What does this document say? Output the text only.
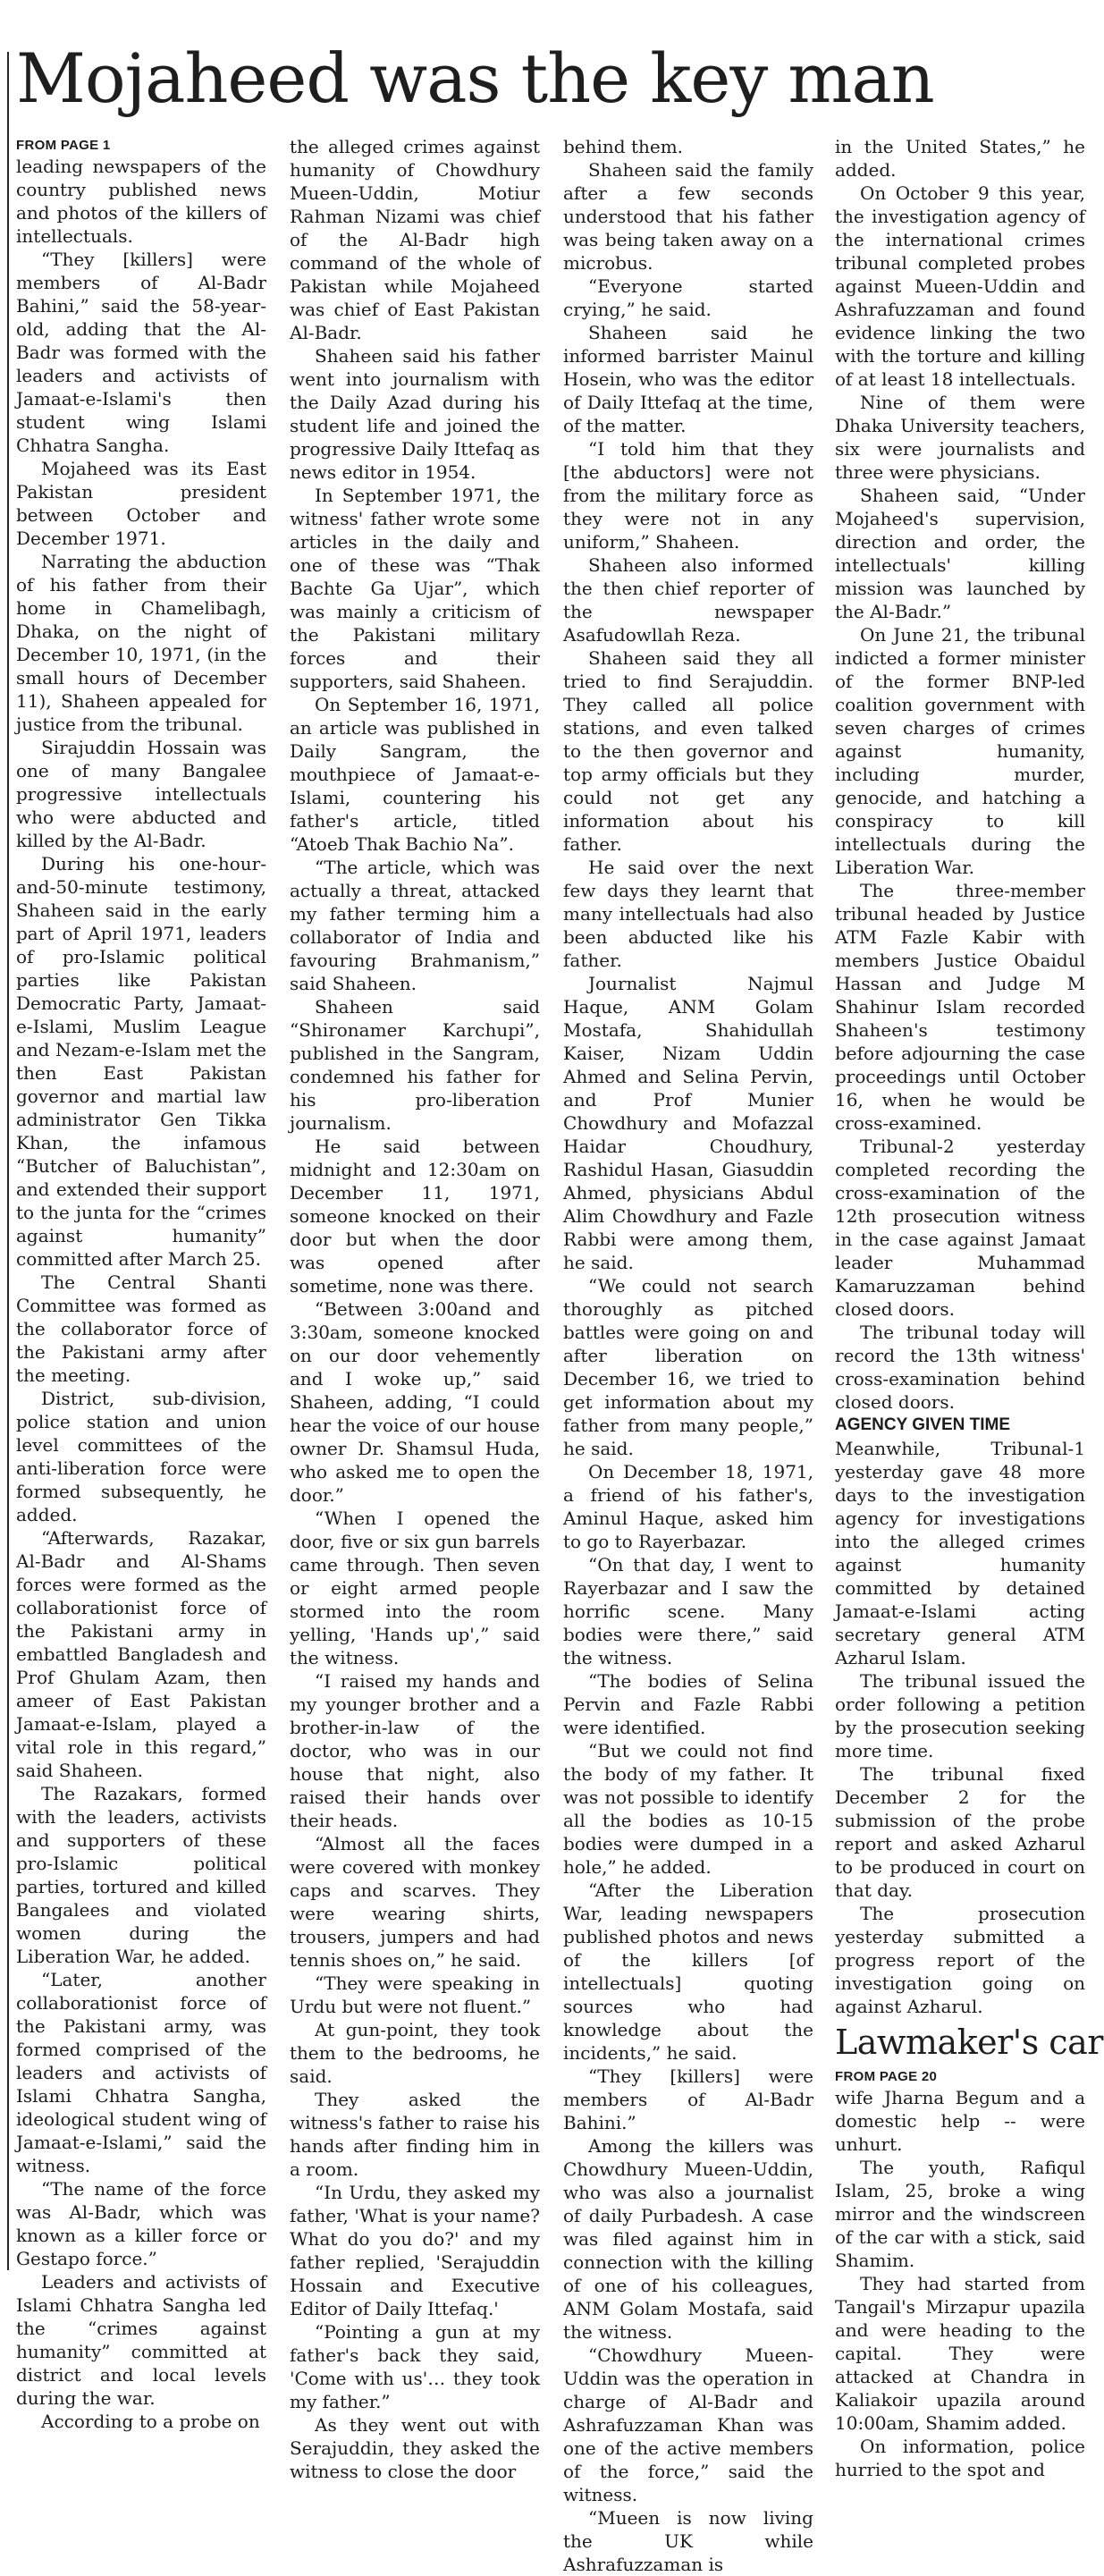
Mojaheed was the key man
FROM PAGE 1

leading newspapers of the country published news and photos of the killers of intellectuals.

“They [killers] were members of Al-Badr Bahini,” said the 58-year-old, adding that the Al-Badr was formed with the leaders and activists of Jamaat-e-Islami's then student wing Islami Chhatra Sangha.

Mojaheed was its East Pakistan president between October and December 1971.

Narrating the abduction of his father from their home in Chamelibagh, Dhaka, on the night of December 10, 1971, (in the small hours of December 11), Shaheen appealed for justice from the tribunal.

Sirajuddin Hossain was one of many Bangalee progressive intellectuals who were abducted and killed by the Al-Badr.

During his one-hour-and-50-minute testimony, Shaheen said in the early part of April 1971, leaders of pro-Islamic political parties like Pakistan Democratic Party, Jamaat-e-Islami, Muslim League and Nezam-e-Islam met the then East Pakistan governor and martial law administrator Gen Tikka Khan, the infamous “Butcher of Baluchistan”, and extended their support to the junta for the “crimes against humanity” committed after March 25.

The Central Shanti Committee was formed as the collaborator force of the Pakistani army after the meeting.

District, sub-division, police station and union level committees of the anti-liberation force were formed subsequently, he added.

“Afterwards, Razakar, Al-Badr and Al-Shams forces were formed as the collaborationist force of the Pakistani army in embattled Bangladesh and Prof Ghulam Azam, then ameer of East Pakistan Jamaat-e-Islam, played a vital role in this regard,” said Shaheen.

The Razakars, formed with the leaders, activists and supporters of these pro-Islamic political parties, tortured and killed Bangalees and violated women during the Liberation War, he added.

“Later, another collaborationist force of the Pakistani army, was formed comprised of the leaders and activists of Islami Chhatra Sangha, ideological student wing of Jamaat-e-Islami,” said the witness.

“The name of the force was Al-Badr, which was known as a killer force or Gestapo force.”

Leaders and activists of Islami Chhatra Sangha led the “crimes against humanity” committed at district and local levels during the war.

According to a probe on

the alleged crimes against humanity of Chowdhury Mueen-Uddin, Motiur Rahman Nizami was chief of the Al-Badr high command of the whole of Pakistan while Mojaheed was chief of East Pakistan Al-Badr.

Shaheen said his father went into journalism with the Daily Azad during his student life and joined the progressive Daily Ittefaq as news editor in 1954.

In September 1971, the witness' father wrote some articles in the daily and one of these was “Thak Bachte Ga Ujar”, which was mainly a criticism of the Pakistani military forces and their supporters, said Shaheen.

On September 16, 1971, an article was published in Daily Sangram, the mouthpiece of Jamaat-e-Islami, countering his father's article, titled “Atoeb Thak Bachio Na”.

“The article, which was actually a threat, attacked my father terming him a collaborator of India and favouring Brahmanism,” said Shaheen.

Shaheen said “Shironamer Karchupi”, published in the Sangram, condemned his father for his pro-liberation journalism.

He said between midnight and 12:30am on December 11, 1971, someone knocked on their door but when the door was opened after sometime, none was there.

“Between 3:00and and 3:30am, someone knocked on our door vehemently and I woke up,” said Shaheen, adding, “I could hear the voice of our house owner Dr. Shamsul Huda, who asked me to open the door.”

“When I opened the door, five or six gun barrels came through. Then seven or eight armed people stormed into the room yelling, 'Hands up',” said the witness.

“I raised my hands and my younger brother and a brother-in-law of the doctor, who was in our house that night, also raised their hands over their heads.

“Almost all the faces were covered with monkey caps and scarves. They were wearing shirts, trousers, jumpers and had tennis shoes on,” he said.

“They were speaking in Urdu but were not fluent.”

At gun-point, they took them to the bedrooms, he said.

They asked the witness's father to raise his hands after finding him in a room.

“In Urdu, they asked my father, 'What is your name? What do you do?' and my father replied, 'Serajuddin Hossain and Executive Editor of Daily Ittefaq.'

“Pointing a gun at my father's back they said, 'Come with us'… they took my father.”

As they went out with Serajuddin, they asked the witness to close the door

behind them.

Shaheen said the family after a few seconds understood that his father was being taken away on a microbus.

“Everyone started crying,” he said.

Shaheen said he informed barrister Mainul Hosein, who was the editor of Daily Ittefaq at the time, of the matter.

“I told him that they [the abductors] were not from the military force as they were not in any uniform,” Shaheen.

Shaheen also informed the then chief reporter of the newspaper Asafudowllah Reza.

Shaheen said they all tried to find Serajuddin. They called all police stations, and even talked to the then governor and top army officials but they could not get any information about his father.

He said over the next few days they learnt that many intellectuals had also been abducted like his father.

Journalist Najmul Haque, ANM Golam Mostafa, Shahidullah Kaiser, Nizam Uddin Ahmed and Selina Pervin, and Prof Munier Chowdhury and Mofazzal Haidar Choudhury, Rashidul Hasan, Giasuddin Ahmed, physicians Abdul Alim Chowdhury and Fazle Rabbi were among them, he said.

“We could not search thoroughly as pitched battles were going on and after liberation on December 16, we tried to get information about my father from many people,” he said.

On December 18, 1971, a friend of his father's, Aminul Haque, asked him to go to Rayerbazar.

“On that day, I went to Rayerbazar and I saw the horrific scene. Many bodies were there,” said the witness.

“The bodies of Selina Pervin and Fazle Rabbi were identified.

“But we could not find the body of my father. It was not possible to identify all the bodies as 10-15 bodies were dumped in a hole,” he added.

“After the Liberation War, leading newspapers published photos and news of the killers [of intellectuals] quoting sources who had knowledge about the incidents,” he said.

“They [killers] were members of Al-Badr Bahini.”

Among the killers was Chowdhury Mueen-Uddin, who was also a journalist of daily Purbadesh. A case was filed against him in connection with the killing of one of his colleagues, ANM Golam Mostafa, said the witness.

“Chowdhury Mueen-Uddin was the operation in charge of Al-Badr and Ashrafuzzaman Khan was one of the active members of the force,” said the witness.

“Mueen is now living the UK while Ashrafuzzaman is

in the United States,” he added.

On October 9 this year, the investigation agency of the international crimes tribunal completed probes against Mueen-Uddin and Ashrafuzzaman and found evidence linking the two with the torture and killing of at least 18 intellectuals.

Nine of them were Dhaka University teachers, six were journalists and three were physicians.

Shaheen said, “Under Mojaheed's supervision, direction and order, the intellectuals' killing mission was launched by the Al-Badr.”

On June 21, the tribunal indicted a former minister of the former BNP-led coalition government with seven charges of crimes against humanity, including murder, genocide, and hatching a conspiracy to kill intellectuals during the Liberation War.

The three-member tribunal headed by Justice ATM Fazle Kabir with members Justice Obaidul Hassan and Judge M Shahinur Islam recorded Shaheen's testimony before adjourning the case proceedings until October 16, when he would be cross-examined.

Tribunal-2 yesterday completed recording the cross-examination of the 12th prosecution witness in the case against Jamaat leader Muhammad Kamaruzzaman behind closed doors.

The tribunal today will record the 13th witness' cross-examination behind closed doors.

AGENCY GIVEN TIME

Meanwhile, Tribunal-1 yesterday gave 48 more days to the investigation agency for investigations into the alleged crimes against humanity committed by detained Jamaat-e-Islami acting secretary general ATM Azharul Islam.

The tribunal issued the order following a petition by the prosecution seeking more time.

The tribunal fixed December 2 for the submission of the probe report and asked Azharul to be produced in court on that day.

The prosecution yesterday submitted a progress report of the investigation going on against Azharul.

Lawmaker's car
FROM PAGE 20

wife Jharna Begum and a domestic help -- were unhurt.

The youth, Rafiqul Islam, 25, broke a wing mirror and the windscreen of the car with a stick, said Shamim.

They had started from Tangail's Mirzapur upazila and were heading to the capital. They were attacked at Chandra in Kaliakoir upazila around 10:00am, Shamim added.

On information, police hurried to the spot and
